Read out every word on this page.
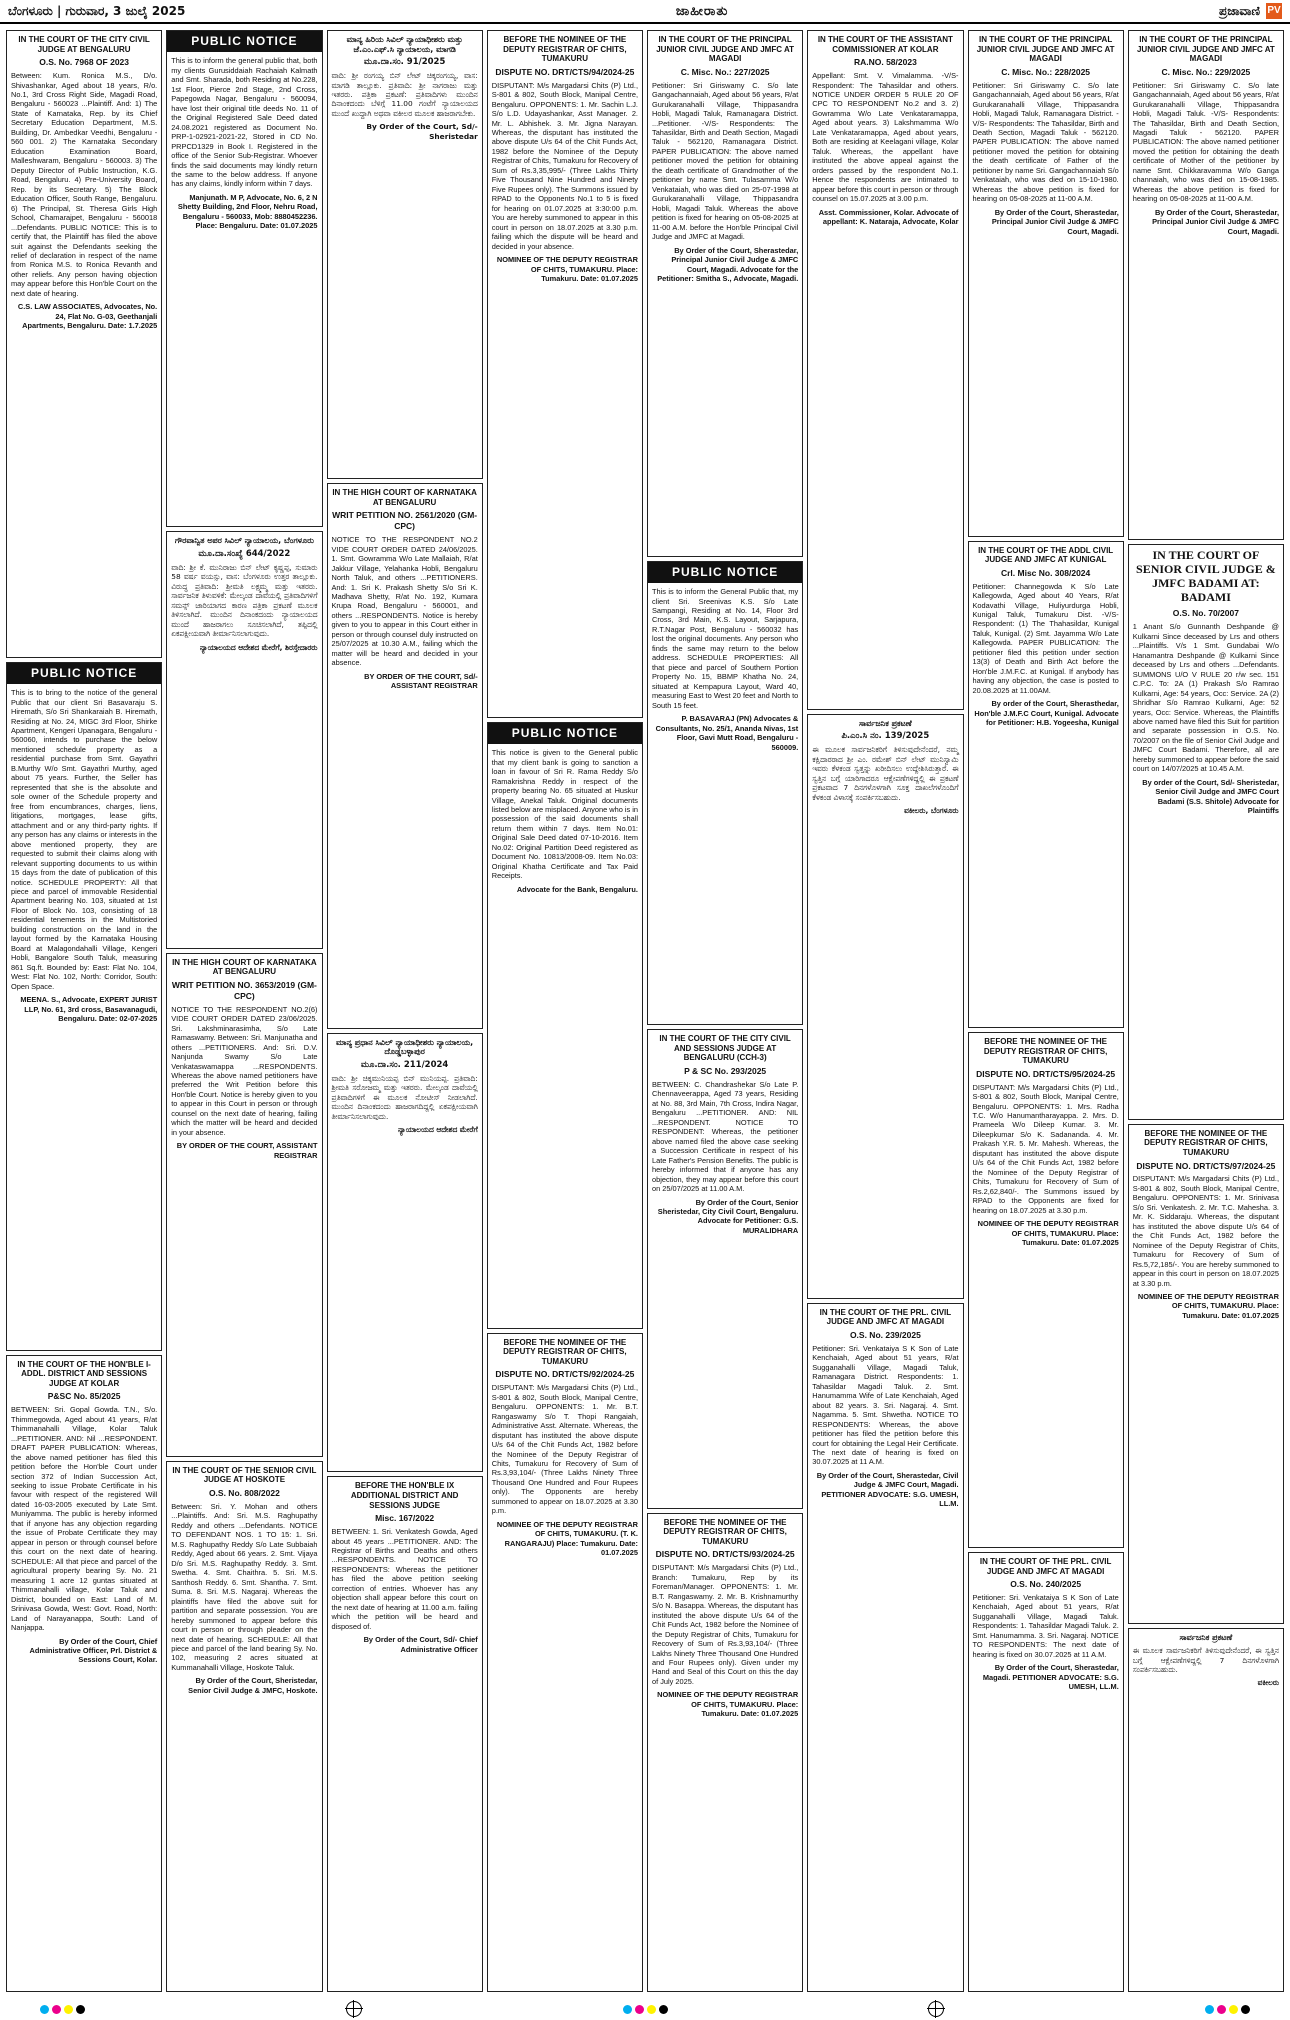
ಬೆಂಗಳೂರು | ಗುರುವಾರ, 3 ಜುಲೈ 2025	ಜಾಹೀರಾತು	ಪ್ರಜಾವಾಣಿ PV
IN THE COURT OF THE CITY CIVIL JUDGE AT BENGALURU
O.S. No. 7968 OF 2023
Between: Kum. Ronica M.S., D/o. Shivashankar, Aged about 18 years, R/o. No.1, 3rd Cross Right Side, Magadi Road, Bengaluru - 560023 ...Plaintiff. And: 1) The State of Karnataka, Rep. by its Chief Secretary Education Department, M.S. Building, Dr. Ambedkar Veedhi, Bengaluru - 560 001. 2) The Karnataka Secondary Education Examination Board, Malleshwaram, Bengaluru - 560003. 3) The Deputy Director of Public Instruction, K.G. Road, Bengaluru. 4) Pre-University Board, Rep. by its Secretary. 5) The Block Education Officer, South Range, Bengaluru. 6) The Principal, St. Theresa Girls High School, Chamarajpet, Bengaluru - 560018 ...Defendants. PUBLIC NOTICE: This is to certify that, the Plaintiff has filed the above suit against the Defendants seeking the relief of declaration in respect of the name from Ronica M.S. to Ronica Revanth and other reliefs. Any person having objection may appear before this Hon'ble Court on the next date of hearing.
C.S. LAW ASSOCIATES, Advocates, No. 24, Flat No. G-03, Geethanjali Apartments, Bengaluru. Date: 1.7.2025
PUBLIC NOTICE
This is to bring to the notice of the general Public that our client Sri Basavaraju S. Hiremath, S/o Sri Shankaraiah B. Hiremath, Residing at No. 24, MIGC 3rd Floor, Shirke Apartment, Kengeri Upanagara, Bengaluru - 560060, intends to purchase the below mentioned schedule property as a residential purchase from Smt. Gayathri B.Murthy W/o Smt. Gayathri Murthy, aged about 75 years. Further, the Seller has represented that she is the absolute and sole owner of the Schedule property and free from encumbrances, charges, liens, litigations, mortgages, lease gifts, attachment and or any third-party rights. If any person has any claims or interests in the above mentioned property, they are requested to submit their claims along with relevant supporting documents to us within 15 days from the date of publication of this notice. SCHEDULE PROPERTY: All that piece and parcel of immovable Residential Apartment bearing No. 103, situated at 1st Floor of Block No. 103, consisting of 18 residential tenements in the Multistoried building construction on the land in the layout formed by the Karnataka Housing Board at Malagondahalli Village, Kengeri Hobli, Bangalore South Taluk, measuring 861 Sq.ft. Bounded by: East: Flat No. 104, West: Flat No. 102, North: Corridor, South: Open Space.
MEENA. S., Advocate, EXPERT JURIST LLP, No. 61, 3rd cross, Basavanagudi, Bengaluru. Date: 02-07-2025
IN THE COURT OF THE HON'BLE I-ADDL. DISTRICT AND SESSIONS JUDGE AT KOLAR
P&SC No. 85/2025
BETWEEN: Sri. Gopal Gowda. T.N., S/o. Thimmegowda, Aged about 41 years, R/at Thimmanahalli Village, Kolar Taluk ...PETITIONER. AND: Nil ...RESPONDENT. DRAFT PAPER PUBLICATION: Whereas, the above named petitioner has filed this petition before the Hon'ble Court under section 372 of Indian Succession Act, seeking to issue Probate Certificate in his favour with respect of the registered Will dated 16-03-2005 executed by Late Smt. Muniyamma. The public is hereby informed that if anyone has any objection regarding the issue of Probate Certificate they may appear in person or through counsel before this court on the next date of hearing. SCHEDULE: All that piece and parcel of the agricultural property bearing Sy. No. 21 measuring 1 acre 12 guntas situated at Thimmanahalli village, Kolar Taluk and District, bounded on East: Land of M. Srinivasa Gowda, West: Govt. Road, North: Land of Narayanappa, South: Land of Nanjappa.
By Order of the Court, Chief Administrative Officer, Prl. District & Sessions Court, Kolar.
PUBLIC NOTICE
This is to inform the general public that, both my clients Gurusiddaiah Rachaiah Kalmath and Smt. Sharada, both Residing at No.228, 1st Floor, Pierce 2nd Stage, 2nd Cross, Papegowda Nagar, Bengaluru - 560094, have lost their original title deeds No. 11 of the Original Registered Sale Deed dated 24.08.2021 registered as Document No. PRP-1-02921-2021-22, Stored in CD No. PRPCD1329 in Book I. Registered in the office of the Senior Sub-Registrar. Whoever finds the said documents may kindly return the same to the below address. If anyone has any claims, kindly inform within 7 days.
Manjunath. M P, Advocate, No. 6, 2 N Shetty Building, 2nd Floor, Nehru Road, Bengaluru - 560033, Mob: 8880452236. Place: Bengaluru. Date: 01.07.2025
ಗೌರವಾನ್ವಿತ ಅಪರ ಸಿವಿಲ್ ನ್ಯಾಯಾಲಯ, ಬೆಂಗಳೂರು
ಮೂ.ದಾ.ಸಂಖ್ಯೆ 644/2022
ವಾದಿ: ಶ್ರೀ ಕೆ. ಮುನಿರಾಜು ಬಿನ್ ಲೇಟ್ ಕೃಷ್ಣಪ್ಪ, ಸುಮಾರು 58 ವರ್ಷ ವಯಸ್ಸು, ವಾಸ: ಬೆಂಗಳೂರು ಉತ್ತರ ತಾಲ್ಲೂಕು. ವಿರುದ್ಧ ಪ್ರತಿವಾದಿ: ಶ್ರೀಮತಿ ಲಕ್ಷ್ಮಮ್ಮ ಮತ್ತು ಇತರರು. ಸಾರ್ವಜನಿಕ ತಿಳುವಳಿಕೆ: ಮೇಲ್ಕಂಡ ದಾವೆಯಲ್ಲಿ ಪ್ರತಿವಾದಿಗಳಿಗೆ ಸಮನ್ಸ್ ಜಾರಿಯಾಗದ ಕಾರಣ ಪತ್ರಿಕಾ ಪ್ರಕಟಣೆ ಮೂಲಕ ತಿಳಿಸಲಾಗಿದೆ. ಮುಂದಿನ ದಿನಾಂಕದಂದು ನ್ಯಾಯಾಲಯದ ಮುಂದೆ ಹಾಜರಾಗಲು ಸೂಚಿಸಲಾಗಿದೆ, ತಪ್ಪಿದಲ್ಲಿ ಏಕಪಕ್ಷೀಯವಾಗಿ ತೀರ್ಮಾನಿಸಲಾಗುವುದು.
ನ್ಯಾಯಾಲಯದ ಆದೇಶದ ಮೇರೆಗೆ, ಶಿರಸ್ತೇದಾರರು
IN THE HIGH COURT OF KARNATAKA AT BENGALURU
WRIT PETITION NO. 3653/2019 (GM-CPC)
NOTICE TO THE RESPONDENT NO.2(6) VIDE COURT ORDER DATED 23/06/2025. Sri. Lakshminarasimha, S/o Late Ramaswamy. Between: Sri. Manjunatha and others ...PETITIONERS. And: Sri. D.V. Nanjunda Swamy S/o Late Venkataswamappa ...RESPONDENTS. Whereas the above named petitioners have preferred the Writ Petition before this Hon'ble Court. Notice is hereby given to you to appear in this Court in person or through counsel on the next date of hearing, failing which the matter will be heard and decided in your absence.
BY ORDER OF THE COURT, ASSISTANT REGISTRAR
IN THE COURT OF THE SENIOR CIVIL JUDGE AT HOSKOTE
O.S. No. 808/2022
Between: Sri. Y. Mohan and others ...Plaintiffs. And: Sri. M.S. Raghupathy Reddy and others ...Defendants. NOTICE TO DEFENDANT NOS. 1 TO 15: 1. Sri. M.S. Raghupathy Reddy S/o Late Subbaiah Reddy, Aged about 66 years. 2. Smt. Vijaya D/o Sri. M.S. Raghupathy Reddy. 3. Smt. Swetha. 4. Smt. Chaithra. 5. Sri. M.S. Santhosh Reddy. 6. Smt. Shantha. 7. Smt. Suma. 8. Sri. M.S. Nagaraj. Whereas the plaintiffs have filed the above suit for partition and separate possession. You are hereby summoned to appear before this court in person or through pleader on the next date of hearing. SCHEDULE: All that piece and parcel of the land bearing Sy. No. 102, measuring 2 acres situated at Kummanahalli Village, Hoskote Taluk.
By Order of the Court, Sheristedar, Senior Civil Judge & JMFC, Hoskote.
ಮಾನ್ಯ ಹಿರಿಯ ಸಿವಿಲ್ ನ್ಯಾಯಾಧೀಶರು ಮತ್ತು ಜೆ.ಎಂ.ಎಫ್.ಸಿ ನ್ಯಾಯಾಲಯ, ಮಾಗಡಿ
ಮೂ.ದಾ.ಸಂ. 91/2025
ವಾದಿ: ಶ್ರೀ ರಂಗಯ್ಯ ಬಿನ್ ಲೇಟ್ ಚಿಕ್ಕರಂಗಯ್ಯ, ವಾಸ: ಮಾಗಡಿ ತಾಲ್ಲೂಕು. ಪ್ರತಿವಾದಿ: ಶ್ರೀ ನಾಗರಾಜು ಮತ್ತು ಇತರರು. ಪತ್ರಿಕಾ ಪ್ರಕಟಣೆ: ಪ್ರತಿವಾದಿಗಳು ಮುಂದಿನ ದಿನಾಂಕದಂದು ಬೆಳಿಗ್ಗೆ 11.00 ಗಂಟೆಗೆ ನ್ಯಾಯಾಲಯದ ಮುಂದೆ ಖುದ್ದಾಗಿ ಅಥವಾ ವಕೀಲರ ಮೂಲಕ ಹಾಜರಾಗಬೇಕು.
By Order of the Court, Sd/- Sheristedar
IN THE HIGH COURT OF KARNATAKA AT BENGALURU
WRIT PETITION NO. 2561/2020 (GM-CPC)
NOTICE TO THE RESPONDENT NO.2 VIDE COURT ORDER DATED 24/06/2025. 1. Smt. Gowramma W/o Late Mallaiah, R/at Jakkur Village, Yelahanka Hobli, Bengaluru North Taluk, and others ...PETITIONERS. And: 1. Sri K. Prakash Shetty S/o Sri K. Madhava Shetty, R/at No. 192, Kumara Krupa Road, Bengaluru - 560001, and others ...RESPONDENTS. Notice is hereby given to you to appear in this Court either in person or through counsel duly instructed on 25/07/2025 at 10.30 A.M., failing which the matter will be heard and decided in your absence.
BY ORDER OF THE COURT, Sd/- ASSISTANT REGISTRAR
ಮಾನ್ಯ ಪ್ರಧಾನ ಸಿವಿಲ್ ನ್ಯಾಯಾಧೀಶರು ನ್ಯಾಯಾಲಯ, ದೊಡ್ಡಬಳ್ಳಾಪುರ
ಮೂ.ದಾ.ಸಂ. 211/2024
ವಾದಿ: ಶ್ರೀ ಚಿಕ್ಕಮುನಿಯಪ್ಪ ಬಿನ್ ಮುನಿಯಪ್ಪ. ಪ್ರತಿವಾದಿ: ಶ್ರೀಮತಿ ಸರೋಜಮ್ಮ ಮತ್ತು ಇತರರು. ಮೇಲ್ಕಂಡ ದಾವೆಯಲ್ಲಿ ಪ್ರತಿವಾದಿಗಳಿಗೆ ಈ ಮೂಲಕ ನೋಟೀಸ್ ನೀಡಲಾಗಿದೆ. ಮುಂದಿನ ದಿನಾಂಕದಂದು ಹಾಜರಾಗದಿದ್ದಲ್ಲಿ ಏಕಪಕ್ಷೀಯವಾಗಿ ತೀರ್ಮಾನಿಸಲಾಗುವುದು.
ನ್ಯಾಯಾಲಯದ ಆದೇಶದ ಮೇರೆಗೆ
BEFORE THE HON'BLE IX ADDITIONAL DISTRICT AND SESSIONS JUDGE
Misc. 167/2022
BETWEEN: 1. Sri. Venkatesh Gowda, Aged about 45 years ...PETITIONER. AND: The Registrar of Births and Deaths and others ...RESPONDENTS. NOTICE TO RESPONDENTS: Whereas the petitioner has filed the above petition seeking correction of entries. Whoever has any objection shall appear before this court on the next date of hearing at 11.00 a.m. failing which the petition will be heard and disposed of.
By Order of the Court, Sd/- Chief Administrative Officer
BEFORE THE NOMINEE OF THE DEPUTY REGISTRAR OF CHITS, TUMAKURU
DISPUTE NO. DRT/CTS/94/2024-25
DISPUTANT: M/s Margadarsi Chits (P) Ltd., S-801 & 802, South Block, Manipal Centre, Bengaluru. OPPONENTS: 1. Mr. Sachin L.J. S/o L.D. Udayashankar, Asst Manager. 2. Mr. L. Abhishek. 3. Mr. Jigna Narayan. Whereas, the disputant has instituted the above dispute U/s 64 of the Chit Funds Act, 1982 before the Nominee of the Deputy Registrar of Chits, Tumakuru for Recovery of Sum of Rs.3,35,995/- (Three Lakhs Thirty Five Thousand Nine Hundred and Ninety Five Rupees only). The Summons issued by RPAD to the Opponents No.1 to 5 is fixed for hearing on 01.07.2025 at 3:30:00 p.m. You are hereby summoned to appear in this court in person on 18.07.2025 at 3.30 p.m. failing which the dispute will be heard and decided in your absence.
NOMINEE OF THE DEPUTY REGISTRAR OF CHITS, TUMAKURU. Place: Tumakuru. Date: 01.07.2025
PUBLIC NOTICE
This notice is given to the General public that my client bank is going to sanction a loan in favour of Sri R. Rama Reddy S/o Ramakrishna Reddy in respect of the property bearing No. 65 situated at Huskur Village, Anekal Taluk. Original documents listed below are misplaced. Anyone who is in possession of the said documents shall return them within 7 days. Item No.01: Original Sale Deed dated 07-10-2016. Item No.02: Original Partition Deed registered as Document No. 10813/2008-09. Item No.03: Original Khatha Certificate and Tax Paid Receipts.
Advocate for the Bank, Bengaluru.
BEFORE THE NOMINEE OF THE DEPUTY REGISTRAR OF CHITS, TUMAKURU
DISPUTE NO. DRT/CTS/92/2024-25
DISPUTANT: M/s Margadarsi Chits (P) Ltd., S-801 & 802, South Block, Manipal Centre, Bengaluru. OPPONENTS: 1. Mr. B.T. Rangaswamy S/o T. Thopi Rangaiah, Administrative Asst. Alternate. Whereas, the disputant has instituted the above dispute U/s 64 of the Chit Funds Act, 1982 before the Nominee of the Deputy Registrar of Chits, Tumakuru for Recovery of Sum of Rs.3,93,104/- (Three Lakhs Ninety Three Thousand One Hundred and Four Rupees only). The Opponents are hereby summoned to appear on 18.07.2025 at 3.30 p.m.
NOMINEE OF THE DEPUTY REGISTRAR OF CHITS, TUMAKURU. (T. K. RANGARAJU) Place: Tumakuru. Date: 01.07.2025
IN THE COURT OF THE PRINCIPAL JUNIOR CIVIL JUDGE AND JMFC AT MAGADI
C. Misc. No.: 227/2025
Petitioner: Sri Giriswamy C. S/o late Gangachannaiah, Aged about 56 years, R/at Gurukaranahalli Village, Thippasandra Hobli, Magadi Taluk, Ramanagara District. ...Petitioner. -V/S- Respondents: The Tahasildar, Birth and Death Section, Magadi Taluk - 562120, Ramanagara District. PAPER PUBLICATION: The above named petitioner moved the petition for obtaining the death certificate of Grandmother of the petitioner by name Smt. Tulasamma W/o Venkataiah, who was died on 25-07-1998 at Gurukaranahalli Village, Thippasandra Hobli, Magadi Taluk. Whereas the above petition is fixed for hearing on 05-08-2025 at 11-00 A.M. before the Hon'ble Principal Civil Judge and JMFC at Magadi.
By Order of the Court, Sherastedar, Principal Junior Civil Judge & JMFC Court, Magadi. Advocate for the Petitioner: Smitha S., Advocate, Magadi.
PUBLIC NOTICE
This is to inform the General Public that, my client Sri. Sreenivas K.S. S/o Late Sampangi, Residing at No. 14, Floor 3rd Cross, 3rd Main, K.S. Layout, Sarjapura, R.T.Nagar Post, Bengaluru - 560032 has lost the original documents. Any person who finds the same may return to the below address. SCHEDULE PROPERTIES: All that piece and parcel of Southern Portion Property No. 15, BBMP Khatha No. 24, situated at Kempapura Layout, Ward 40, measuring East to West 20 feet and North to South 15 feet.
P. BASAVARAJ (PN) Advocates & Consultants, No. 25/1, Ananda Nivas, 1st Floor, Gavi Mutt Road, Bengaluru - 560009.
IN THE COURT OF THE CITY CIVIL AND SESSIONS JUDGE AT BENGALURU (CCH-3)
P & SC No. 293/2025
BETWEEN: C. Chandrashekar S/o Late P. Chennaveerappa, Aged 73 years, Residing at No. 88, 3rd Main, 7th Cross, Indira Nagar, Bengaluru ...PETITIONER. AND: NIL ...RESPONDENT. NOTICE TO RESPONDENT: Whereas, the petitioner above named filed the above case seeking a Succession Certificate in respect of his Late Father's Pension Benefits. The public is hereby informed that if anyone has any objection, they may appear before this court on 25/07/2025 at 11.00 A.M.
By Order of the Court, Senior Sheristedar, City Civil Court, Bengaluru. Advocate for Petitioner: G.S. MURALIDHARA
BEFORE THE NOMINEE OF THE DEPUTY REGISTRAR OF CHITS, TUMAKURU
DISPUTE NO. DRT/CTS/93/2024-25
DISPUTANT: M/s Margadarsi Chits (P) Ltd., Branch: Tumakuru, Rep by its Foreman/Manager. OPPONENTS: 1. Mr. B.T. Rangaswamy. 2. Mr. B. Krishnamurthy S/o N. Basappa. Whereas, the disputant has instituted the above dispute U/s 64 of the Chit Funds Act, 1982 before the Nominee of the Deputy Registrar of Chits, Tumakuru for Recovery of Sum of Rs.3,93,104/- (Three Lakhs Ninety Three Thousand One Hundred and Four Rupees only). Given under my Hand and Seal of this Court on this the day of July 2025.
NOMINEE OF THE DEPUTY REGISTRAR OF CHITS, TUMAKURU. Place: Tumakuru. Date: 01.07.2025
IN THE COURT OF THE ASSISTANT COMMISSIONER AT KOLAR
RA.NO. 58/2023
Appellant: Smt. V. Vimalamma. -V/S- Respondent: The Tahasildar and others. NOTICE UNDER ORDER 5 RULE 20 OF CPC TO RESPONDENT No.2 and 3. 2) Gowramma W/o Late Venkataramappa, Aged about years. 3) Lakshmamma W/o Late Venkataramappa, Aged about years, Both are residing at Keelagani village, Kolar Taluk. Whereas, the appellant have instituted the above appeal against the orders passed by the respondent No.1. Hence the respondents are intimated to appear before this court in person or through counsel on 15.07.2025 at 3.00 p.m.
Asst. Commissioner, Kolar. Advocate of appellant: K. Nataraja, Advocate, Kolar
ಸಾರ್ವಜನಿಕ ಪ್ರಕಟಣೆ
ಪಿ.ಎಂ.ಸಿ ನಂ. 139/2025
ಈ ಮೂಲಕ ಸಾರ್ವಜನಿಕರಿಗೆ ತಿಳಿಸುವುದೇನೆಂದರೆ, ನಮ್ಮ ಕಕ್ಷಿದಾರರಾದ ಶ್ರೀ ಎಂ. ರಮೇಶ್ ಬಿನ್ ಲೇಟ್ ಮುನಿಸ್ವಾಮಿ ಇವರು ಕೆಳಕಂಡ ಸ್ವತ್ತನ್ನು ಖರೀದಿಸಲು ಉದ್ದೇಶಿಸಿರುತ್ತಾರೆ. ಈ ಸ್ವತ್ತಿನ ಬಗ್ಗೆ ಯಾರಿಗಾದರೂ ಆಕ್ಷೇಪಣೆಗಳಿದ್ದಲ್ಲಿ ಈ ಪ್ರಕಟಣೆ ಪ್ರಕಟವಾದ 7 ದಿನಗಳೊಳಗಾಗಿ ಸೂಕ್ತ ದಾಖಲೆಗಳೊಂದಿಗೆ ಕೆಳಕಂಡ ವಿಳಾಸಕ್ಕೆ ಸಂಪರ್ಕಿಸಬಹುದು.
ವಕೀಲರು, ಬೆಂಗಳೂರು
IN THE COURT OF THE PRL. CIVIL JUDGE AND JMFC AT MAGADI
O.S. No. 239/2025
Petitioner: Sri. Venkataiya S K Son of Late Kenchaiah, Aged about 51 years, R/at Sugganahalli Village, Magadi Taluk, Ramanagara District. Respondents: 1. Tahasildar Magadi Taluk. 2. Smt. Hanumamma Wife of Late Kenchaiah, Aged about 82 years. 3. Sri. Nagaraj. 4. Smt. Nagamma. 5. Smt. Shwetha. NOTICE TO RESPONDENTS: Whereas, the above petitioner has filed the petition before this court for obtaining the Legal Heir Certificate. The next date of hearing is fixed on 30.07.2025 at 11 A.M.
By Order of the Court, Sherastedar, Civil Judge & JMFC Court, Magadi. PETITIONER ADVOCATE: S.G. UMESH, LL.M.
IN THE COURT OF THE PRINCIPAL JUNIOR CIVIL JUDGE AND JMFC AT MAGADI
C. Misc. No.: 228/2025
Petitioner: Sri Giriswamy C. S/o late Gangachannaiah, Aged about 56 years, R/at Gurukaranahalli Village, Thippasandra Hobli, Magadi Taluk, Ramanagara District. -V/S- Respondents: The Tahasildar, Birth and Death Section, Magadi Taluk - 562120. PAPER PUBLICATION: The above named petitioner moved the petition for obtaining the death certificate of Father of the petitioner by name Sri. Gangachannaiah S/o Venkataiah, who was died on 15-10-1980. Whereas the above petition is fixed for hearing on 05-08-2025 at 11-00 A.M.
By Order of the Court, Sherastedar, Principal Junior Civil Judge & JMFC Court, Magadi.
IN THE COURT OF THE ADDL CIVIL JUDGE AND JMFC AT KUNIGAL
Crl. Misc No. 308/2024
Petitioner: Channegowda K S/o Late Kallegowda, Aged about 40 Years, R/at Kodavathi Village, Huliyurdurga Hobli, Kunigal Taluk, Tumakuru Dist. -V/S- Respondent: (1) The Thahasildar, Kunigal Taluk, Kunigal. (2) Smt. Jayamma W/o Late Kallegowda. PAPER PUBLICATION: The petitioner filed this petition under section 13(3) of Death and Birth Act before the Hon'ble J.M.F.C. at Kunigal. If anybody has having any objection, the case is posted to 20.08.2025 at 11.00AM.
By order of the Court, Sherasthedar, Hon'ble J.M.F.C Court, Kunigal. Advocate for Petitioner: H.B. Yogeesha, Kunigal
BEFORE THE NOMINEE OF THE DEPUTY REGISTRAR OF CHITS, TUMAKURU
DISPUTE NO. DRT/CTS/95/2024-25
DISPUTANT: M/s Margadarsi Chits (P) Ltd., S-801 & 802, South Block, Manipal Centre, Bengaluru. OPPONENTS: 1. Mrs. Radha T.C. W/o Hanumantharayappa. 2. Mrs. D. Prameela W/o Dileep Kumar. 3. Mr. Dileepkumar S/o K. Sadananda. 4. Mr. Prakash Y.R. 5. Mr. Mahesh. Whereas, the disputant has instituted the above dispute U/s 64 of the Chit Funds Act, 1982 before the Nominee of the Deputy Registrar of Chits, Tumakuru for Recovery of Sum of Rs.2,62,840/-. The Summons issued by RPAD to the Opponents are fixed for hearing on 18.07.2025 at 3.30 p.m.
NOMINEE OF THE DEPUTY REGISTRAR OF CHITS, TUMAKURU. Place: Tumakuru. Date: 01.07.2025
IN THE COURT OF THE PRL. CIVIL JUDGE AND JMFC AT MAGADI
O.S. No. 240/2025
Petitioner: Sri. Venkataiya S K Son of Late Kenchaiah, Aged about 51 years, R/at Sugganahalli Village, Magadi Taluk. Respondents: 1. Tahasildar Magadi Taluk. 2. Smt. Hanumamma. 3. Sri. Nagaraj. NOTICE TO RESPONDENTS: The next date of hearing is fixed on 30.07.2025 at 11 A.M.
By Order of the Court, Sherastedar, Magadi. PETITIONER ADVOCATE: S.G. UMESH, LL.M.
IN THE COURT OF THE PRINCIPAL JUNIOR CIVIL JUDGE AND JMFC AT MAGADI
C. Misc. No.: 229/2025
Petitioner: Sri Giriswamy C. S/o late Gangachannaiah, Aged about 56 years, R/at Gurukaranahalli Village, Thippasandra Hobli, Magadi Taluk. -V/S- Respondents: The Tahasildar, Birth and Death Section, Magadi Taluk - 562120. PAPER PUBLICATION: The above named petitioner moved the petition for obtaining the death certificate of Mother of the petitioner by name Smt. Chikkaravamma W/o Ganga channaiah, who was died on 15-08-1985. Whereas the above petition is fixed for hearing on 05-08-2025 at 11-00 A.M.
By Order of the Court, Sherastedar, Principal Junior Civil Judge & JMFC Court, Magadi.
IN THE COURT OF SENIOR CIVIL JUDGE & JMFC BADAMI AT: BADAMI
O.S. No. 70/2007
1 Anant S/o Gunnanth Deshpande @ Kulkarni Since deceased by Lrs and others ...Plaintiffs. V/s 1 Smt. Gundabai W/o Hanamantra Deshpande @ Kulkarni Since deceased by Lrs and others ...Defendants. SUMMONS U/O V RULE 20 r/w sec. 151 C.P.C. To: 2A (1) Prakash S/o Ramrao Kulkarni, Age: 54 years, Occ: Service. 2A (2) Shridhar S/o Ramrao Kulkarni, Age: 52 years, Occ: Service. Whereas, the Plaintiffs above named have filed this Suit for partition and separate possession in O.S. No. 70/2007 on the file of Senior Civil Judge and JMFC Court Badami. Therefore, all are hereby summoned to appear before the said court on 14/07/2025 at 10.45 A.M.
By order of the Court, Sd/- Sheristedar, Senior Civil Judge and JMFC Court Badami (S.S. Shitole) Advocate for Plaintiffs
BEFORE THE NOMINEE OF THE DEPUTY REGISTRAR OF CHITS, TUMAKURU
DISPUTE NO. DRT/CTS/97/2024-25
DISPUTANT: M/s Margadarsi Chits (P) Ltd., S-801 & 802, South Block, Manipal Centre, Bengaluru. OPPONENTS: 1. Mr. Srinivasa S/o Sri. Venkatesh. 2. Mr. T.C. Mahesha. 3. Mr. K. Siddaraju. Whereas, the disputant has instituted the above dispute U/s 64 of the Chit Funds Act, 1982 before the Nominee of the Deputy Registrar of Chits, Tumakuru for Recovery of Sum of Rs.5,72,185/-. You are hereby summoned to appear in this court in person on 18.07.2025 at 3.30 p.m.
NOMINEE OF THE DEPUTY REGISTRAR OF CHITS, TUMAKURU. Place: Tumakuru. Date: 01.07.2025
ಸಾರ್ವಜನಿಕ ಪ್ರಕಟಣೆ
ಈ ಮೂಲಕ ಸಾರ್ವಜನಿಕರಿಗೆ ತಿಳಿಸುವುದೇನೆಂದರೆ, ಈ ಸ್ವತ್ತಿನ ಬಗ್ಗೆ ಆಕ್ಷೇಪಣೆಗಳಿದ್ದಲ್ಲಿ 7 ದಿನಗಳೊಳಗಾಗಿ ಸಂಪರ್ಕಿಸಬಹುದು.
ವಕೀಲರು
